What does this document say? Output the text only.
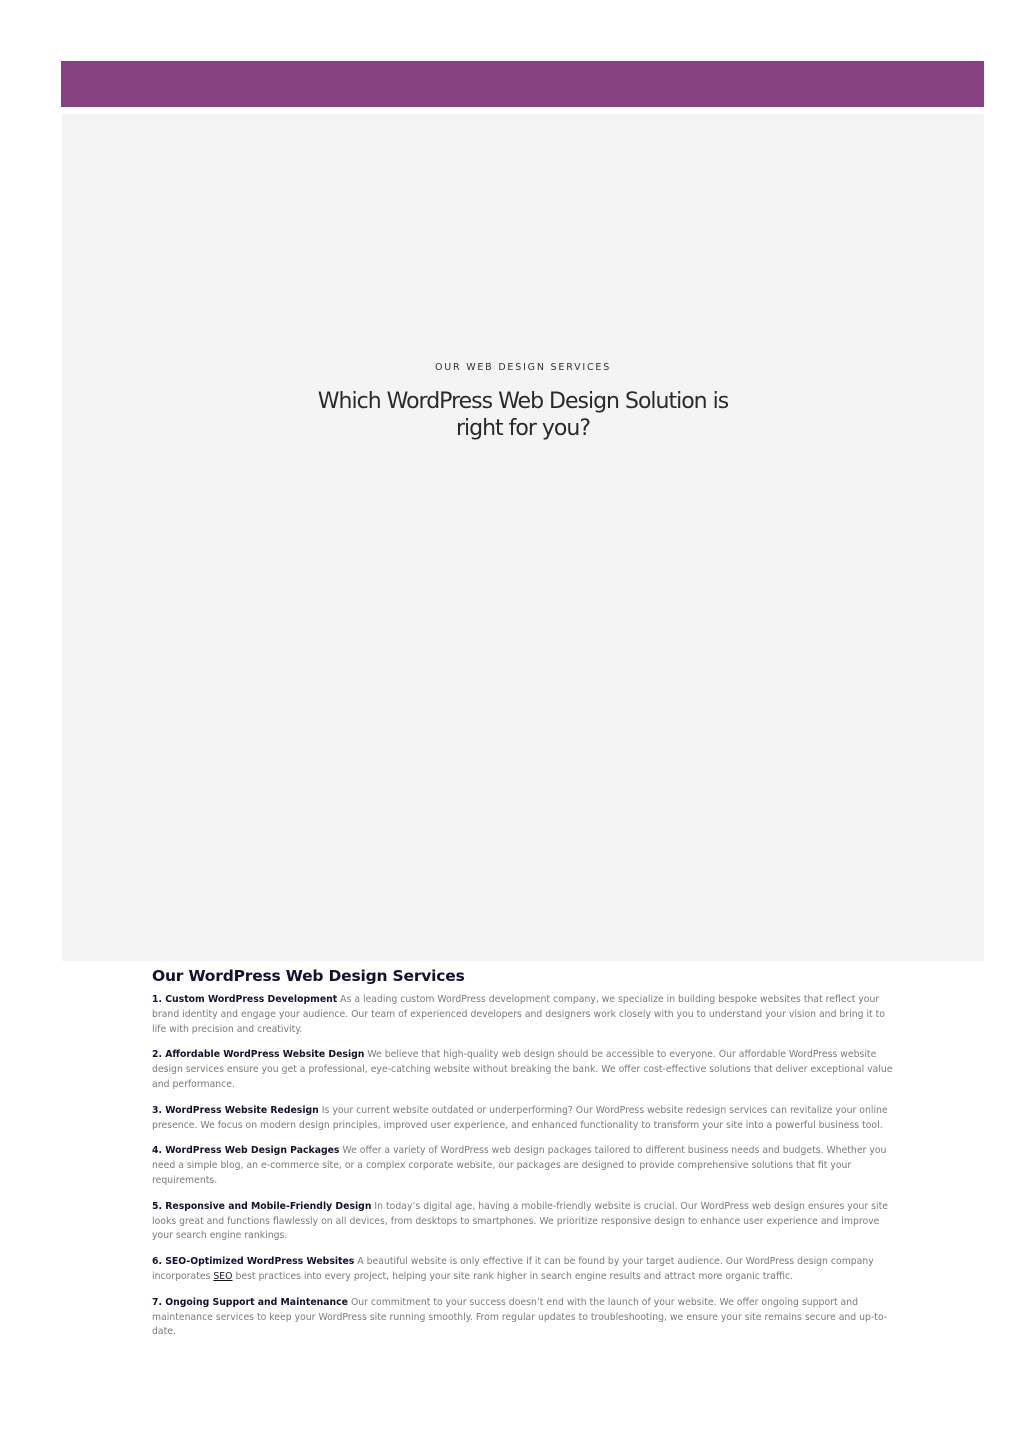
OUR WEB DESIGN SERVICES

Which WordPress Web Design Solution is
right for you?
Our WordPress Web Design Services

1. Custom WordPress Development As a leading custom WordPress development company, we specialize in building bespoke websites that reflect your brand identity and engage your audience. Our team of experienced developers and designers work closely with you to understand your vision and bring it to life with precision and creativity.

2. Affordable WordPress Website Design We believe that high-quality web design should be accessible to everyone. Our affordable WordPress website design services ensure you get a professional, eye-catching website without breaking the bank. We offer cost-effective solutions that deliver exceptional value and performance.

3. WordPress Website Redesign Is your current website outdated or underperforming? Our WordPress website redesign services can revitalize your online presence. We focus on modern design principles, improved user experience, and enhanced functionality to transform your site into a powerful business tool.

4. WordPress Web Design Packages We offer a variety of WordPress web design packages tailored to different business needs and budgets. Whether you need a simple blog, an e-commerce site, or a complex corporate website, our packages are designed to provide comprehensive solutions that fit your requirements.

5. Responsive and Mobile-Friendly Design In today’s digital age, having a mobile-friendly website is crucial. Our WordPress web design ensures your site looks great and functions flawlessly on all devices, from desktops to smartphones. We prioritize responsive design to enhance user experience and improve your search engine rankings.

6. SEO-Optimized WordPress Websites A beautiful website is only effective if it can be found by your target audience. Our WordPress design company incorporates SEO best practices into every project, helping your site rank higher in search engine results and attract more organic traffic.

7. Ongoing Support and Maintenance Our commitment to your success doesn’t end with the launch of your website. We offer ongoing support and maintenance services to keep your WordPress site running smoothly. From regular updates to troubleshooting, we ensure your site remains secure and up-to-date.
